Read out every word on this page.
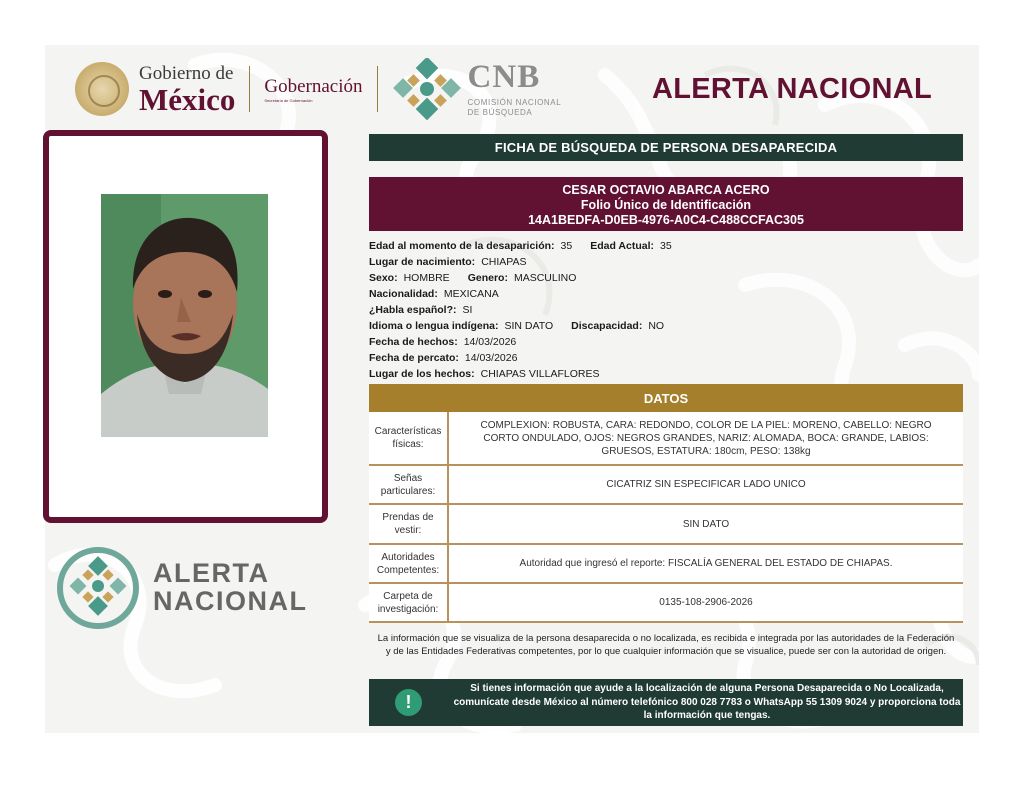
Gobierno de
México Gobernación
Secretaría de Gobernación
CNB
COMISIÓN NACIONAL
DE BÚSQUEDA
ALERTA NACIONAL
ALERTA
NACIONAL
FICHA DE BÚSQUEDA DE PERSONA DESAPARECIDA
CESAR OCTAVIO ABARCA ACERO
Folio Único de Identificación
14A1BEDFA-D0EB-4976-A0C4-C488CCFAC305
Edad al momento de la desaparición: 35 Edad Actual: 35
Lugar de nacimiento: CHIAPAS
Sexo: HOMBRE Genero: MASCULINO
Nacionalidad: MEXICANA
¿Habla español?: SI
Idioma o lengua indígena: SIN DATO Discapacidad: NO
Fecha de hechos: 14/03/2026
Fecha de percato: 14/03/2026
Lugar de los hechos: CHIAPAS VILLAFLORES
DATOS
Características físicas:
COMPLEXION: ROBUSTA, CARA: REDONDO, COLOR DE LA PIEL: MORENO, CABELLO: NEGRO CORTO ONDULADO, OJOS: NEGROS GRANDES, NARIZ: ALOMADA, BOCA: GRANDE, LABIOS: GRUESOS, ESTATURA: 180cm, PESO: 138kg
Señas particulares:
CICATRIZ SIN ESPECIFICAR LADO UNICO
Prendas de vestir:
SIN DATO
Autoridades Competentes:
Autoridad que ingresó el reporte: FISCALÍA GENERAL DEL ESTADO DE CHIAPAS.
Carpeta de investigación:
0135-108-2906-2026
La información que se visualiza de la persona desaparecida o no localizada, es recibida e integrada por las autoridades de la Federación y de las Entidades Federativas competentes, por lo que cualquier información que se visualice, puede ser con la autoridad de origen.
!
Si tienes información que ayude a la localización de alguna Persona Desaparecida o No Localizada, comunícate desde México al número telefónico 800 028 7783 o WhatsApp 55 1309 9024 y proporciona toda la información que tengas.
